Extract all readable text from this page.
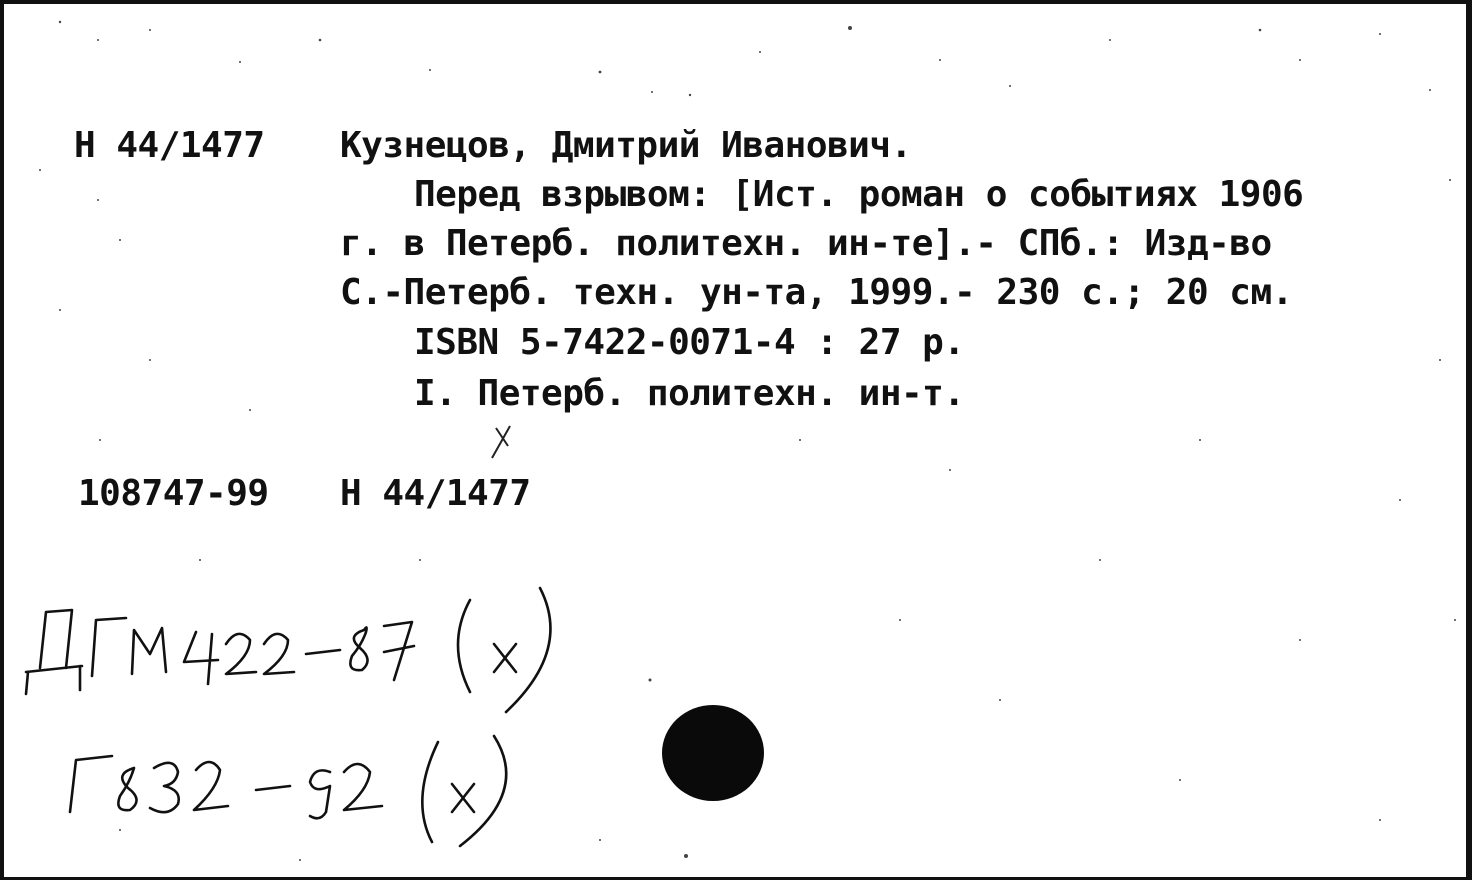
Н 44/1477 Кузнецов, Дмитрий Иванович.
Перед взрывом: [Ист. роман о событиях 1906
г. в Петерб. политехн. ин-те].- СПб.: Изд-во
С.-Петерб. техн. ун-та, 1999.- 230 с.; 20 см.
ISBN 5-7422-0071-4 : 27 р.
I. Петерб. политехн. ин-т.
108747-99 Н 44/1477
